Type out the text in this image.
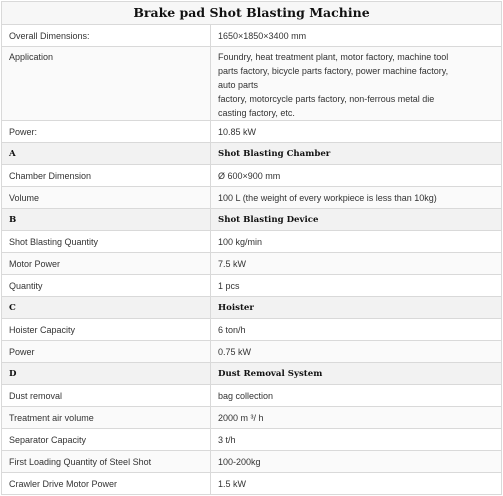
Brake pad Shot Blasting Machine	
Overall Dimensions:	1650×1850×3400 mm
Application	Foundry, heat treatment plant, motor factory, machine tool
parts factory, bicycle parts factory, power machine factory,
auto parts
factory, motorcycle parts factory, non-ferrous metal die
casting factory, etc.

Power:	10.85 kW
A	Shot Blasting Chamber
Chamber Dimension	Ø 600×900 mm
Volume	100 L (the weight of every workpiece is less than 10kg)
B	Shot Blasting Device
Shot Blasting Quantity	100 kg/min
Motor Power	7.5 kW
Quantity	1 pcs
C	Hoister
Hoister Capacity	6 ton/h
Power	0.75 kW
D	Dust Removal System
Dust removal	bag collection
Treatment air volume	2000 m ³/ h
Separator Capacity	3 t/h
First Loading Quantity of Steel Shot	100-200kg
Crawler Drive Motor Power	1.5 kW
